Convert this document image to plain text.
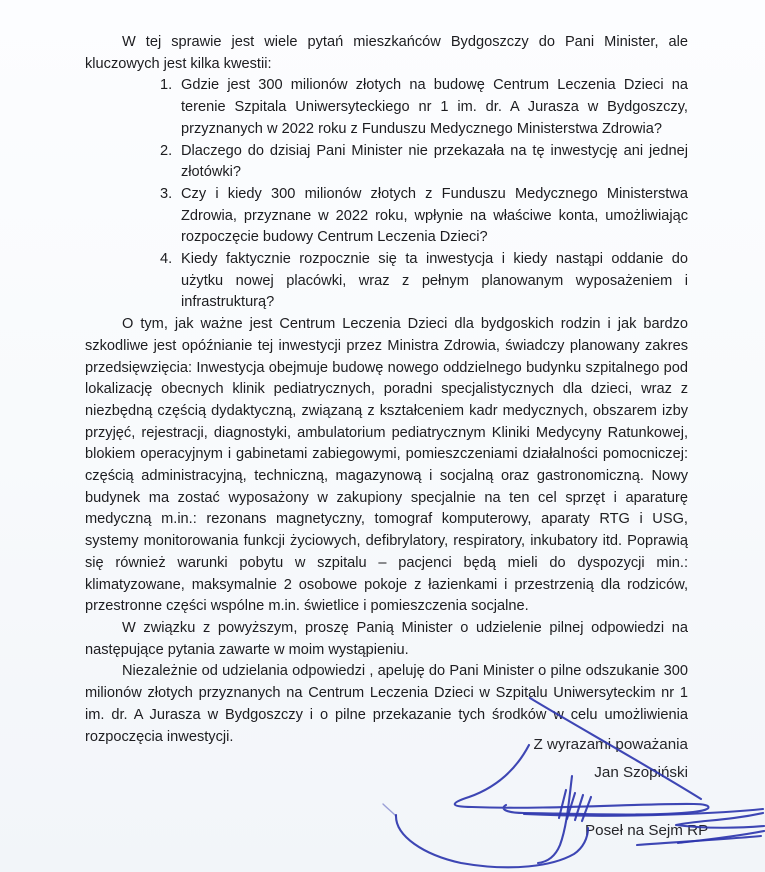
W tej sprawie jest wiele pytań mieszkańców Bydgoszczy do Pani Minister, ale kluczowych jest kilka kwestii:

1. Gdzie jest 300 milionów złotych na budowę Centrum Leczenia Dzieci na terenie Szpitala Uniwersyteckiego nr 1 im. dr. A Jurasza w Bydgoszczy, przyznanych w 2022 roku z Funduszu Medycznego Ministerstwa Zdrowia?
2. Dlaczego do dzisiaj Pani Minister nie przekazała na tę inwestycję ani jednej złotówki?
3. Czy i kiedy 300 milionów złotych z Funduszu Medycznego Ministerstwa Zdrowia, przyznane w 2022 roku, wpłynie na właściwe konta, umożliwiając rozpoczęcie budowy Centrum Leczenia Dzieci?
4. Kiedy faktycznie rozpocznie się ta inwestycja i kiedy nastąpi oddanie do użytku nowej placówki, wraz z pełnym planowanym wyposażeniem i infrastrukturą?

O tym, jak ważne jest Centrum Leczenia Dzieci dla bydgoskich rodzin i jak bardzo szkodliwe jest opóźnianie tej inwestycji przez Ministra Zdrowia, świadczy planowany zakres przedsięwzięcia: Inwestycja obejmuje budowę nowego oddzielnego budynku szpitalnego pod lokalizację obecnych klinik pediatrycznych, poradni specjalistycznych dla dzieci, wraz z niezbędną częścią dydaktyczną, związaną z kształceniem kadr medycznych, obszarem izby przyjęć, rejestracji, diagnostyki, ambulatorium pediatrycznym Kliniki Medycyny Ratunkowej, blokiem operacyjnym i gabinetami zabiegowymi, pomieszczeniami działalności pomocniczej: częścią administracyjną, techniczną, magazynową i socjalną oraz gastronomiczną. Nowy budynek ma zostać wyposażony w zakupiony specjalnie na ten cel sprzęt i aparaturę medyczną m.in.: rezonans magnetyczny, tomograf komputerowy, aparaty RTG i USG, systemy monitorowania funkcji życiowych, defibrylatory, respiratory, inkubatory itd. Poprawią się również warunki pobytu w szpitalu – pacjenci będą mieli do dyspozycji min.: klimatyzowane, maksymalnie 2 osobowe pokoje z łazienkami i przestrzenią dla rodziców, przestronne części wspólne m.in. świetlice i pomieszczenia socjalne.

W związku z powyższym, proszę Panią Minister o udzielenie pilnej odpowiedzi na następujące pytania zawarte w moim wystąpieniu.

Niezależnie od udzielania odpowiedzi , apeluję do Pani Minister o pilne odszukanie 300 milionów złotych przyznanych na Centrum Leczenia Dzieci w Szpitalu Uniwersyteckim nr 1 im. dr. A Jurasza w Bydgoszczy i o pilne przekazanie tych środków w celu umożliwienia rozpoczęcia inwestycji.	Z wyrazami poważania
Jan Szopiński
Poseł na Sejm RP
